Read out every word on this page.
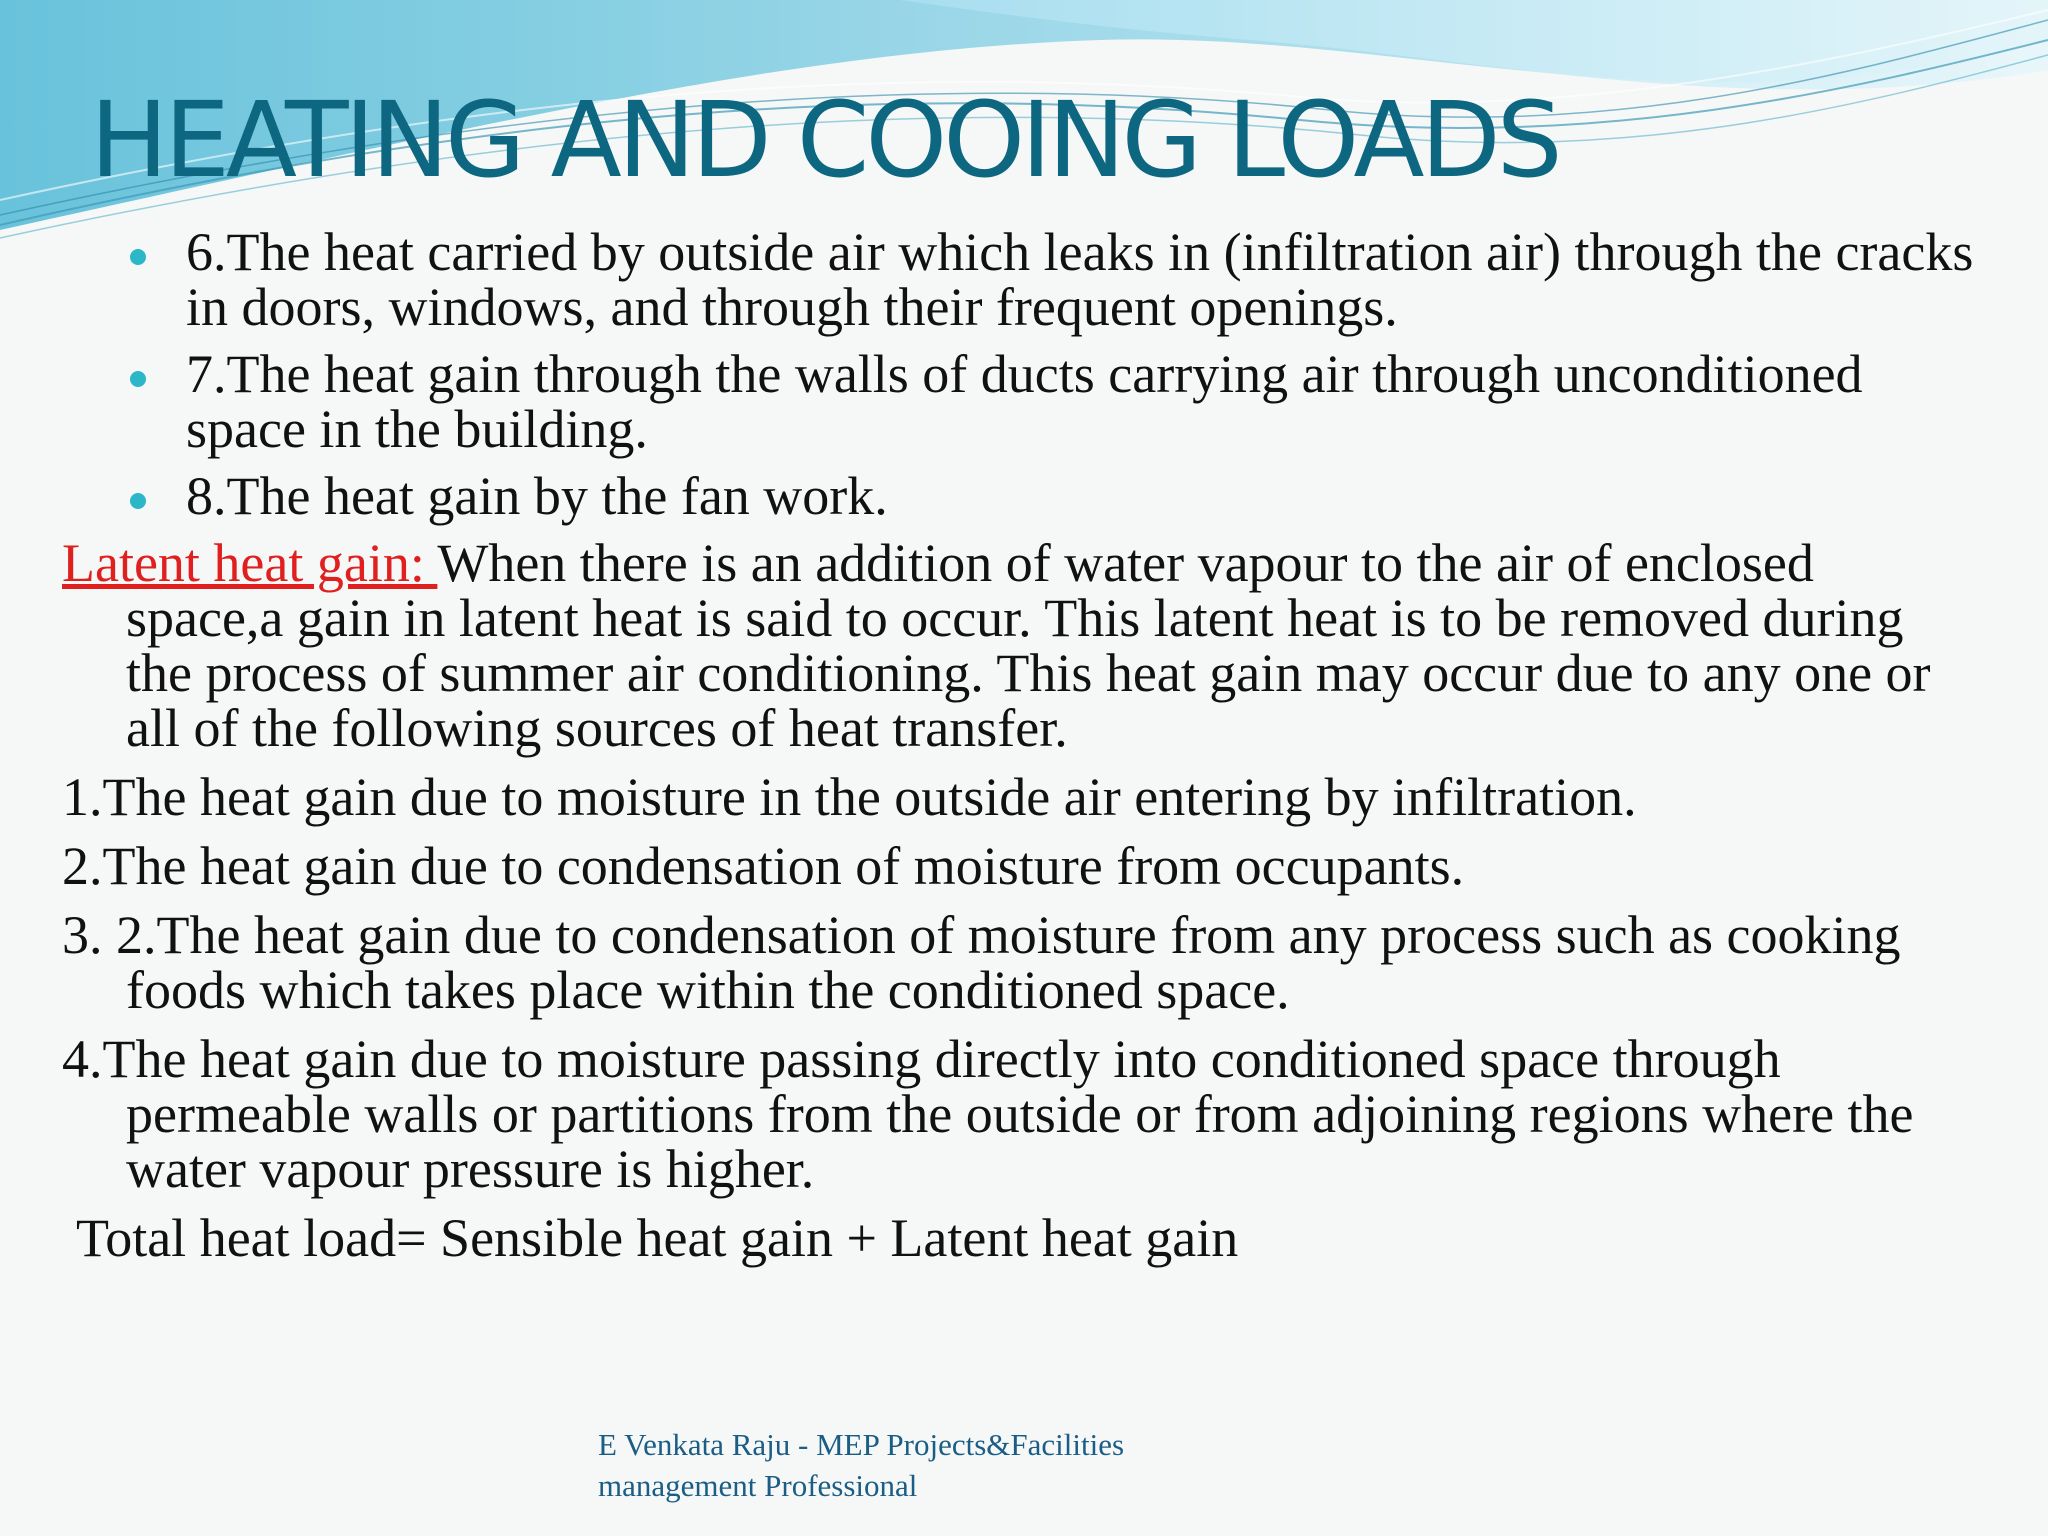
HEATING AND COOING LOADS
6.The heat carried by outside air which leaks in (infiltration air) through the cracks in doors, windows, and through their frequent openings.
7.The heat gain through the walls of ducts carrying air through unconditioned space in the building.
8.The heat gain by the fan work.

Latent heat gain: When there is an addition of water vapour to the air of enclosed space,a gain in latent heat is said to occur. This latent heat is to be removed during the process of summer air conditioning. This heat gain may occur due to any one or all of the following sources of heat transfer.

1.The heat gain due to moisture in the outside air entering by infiltration.

2.The heat gain due to condensation of moisture from occupants.

3. 2.The heat gain due to condensation of moisture from any process such as cooking foods which takes place within the conditioned space.

4.The heat gain due to moisture passing directly into conditioned space through permeable walls or partitions from the outside or from adjoining regions where the water vapour pressure is higher.

Total heat load= Sensible heat gain + Latent heat gain

E Venkata Raju - MEP Projects&Facilities
management Professional
